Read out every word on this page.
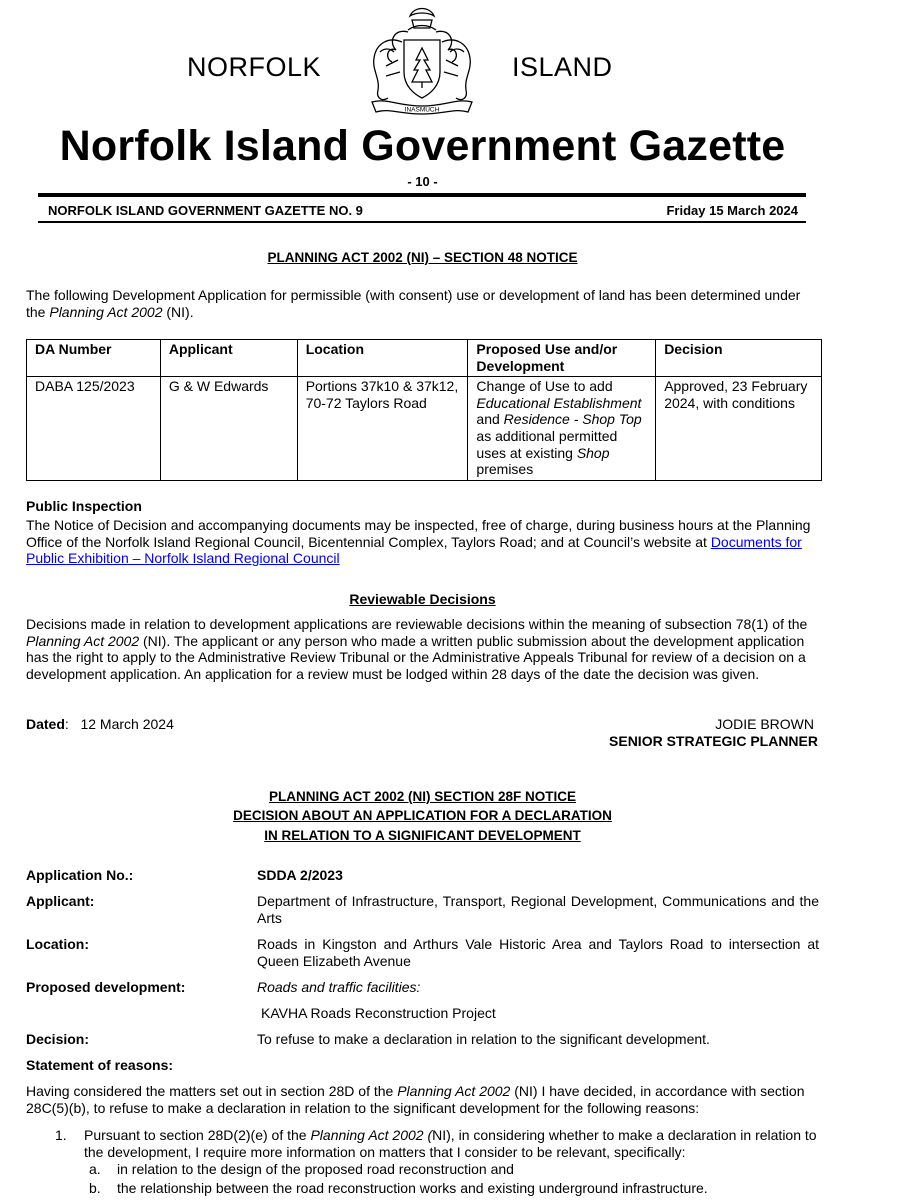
NORFOLK	ISLAND
INASMUCH
Norfolk Island Government Gazette
- 10 -
NORFOLK ISLAND GOVERNMENT GAZETTE NO. 9	Friday 15 March 2024
PLANNING ACT 2002 (NI) – SECTION 48 NOTICE
The following Development Application for permissible (with consent) use or development of land has been determined under the Planning Act 2002 (NI).
DA Number	Applicant	Location	Proposed Use and/or Development	Decision
DABA 125/2023	G & W Edwards	Portions 37k10 & 37k12, 70-72 Taylors Road	Change of Use to add Educational Establishment and Residence - Shop Top as additional permitted uses at existing Shop premises	Approved, 23 February 2024, with conditions
Public Inspection
The Notice of Decision and accompanying documents may be inspected, free of charge, during business hours at the Planning Office of the Norfolk Island Regional Council, Bicentennial Complex, Taylors Road; and at Council’s website at Documents for Public Exhibition – Norfolk Island Regional Council
Reviewable Decisions
Decisions made in relation to development applications are reviewable decisions within the meaning of subsection 78(1) of the Planning Act 2002 (NI). The applicant or any person who made a written public submission about the development application has the right to apply to the Administrative Review Tribunal or the Administrative Appeals Tribunal for review of a decision on a development application. An application for a review must be lodged within 28 days of the date the decision was given.
Dated:   12 March 2024	JODIE BROWN
SENIOR STRATEGIC PLANNER
PLANNING ACT 2002 (NI) SECTION 28F NOTICE
DECISION ABOUT AN APPLICATION FOR A DECLARATION
IN RELATION TO A SIGNIFICANT DEVELOPMENT
Application No.:	SDDA 2/2023
Applicant:	Department of Infrastructure, Transport, Regional Development, Communications and the Arts
Location:	Roads in Kingston and Arthurs Vale Historic Area and Taylors Road to intersection at Queen Elizabeth Avenue
Proposed development:	Roads and traffic facilities:
KAVHA Roads Reconstruction Project
Decision:	To refuse to make a declaration in relation to the significant development.
Statement of reasons:
Having considered the matters set out in section 28D of the Planning Act 2002 (NI) I have decided, in accordance with section 28C(5)(b), to refuse to make a declaration in relation to the significant development for the following reasons:
1. Pursuant to section 28D(2)(e) of the Planning Act 2002 (NI), in considering whether to make a declaration in relation to the development, I require more information on matters that I consider to be relevant, specifically:
a. in relation to the design of the proposed road reconstruction and
b. the relationship between the road reconstruction works and existing underground infrastructure.
